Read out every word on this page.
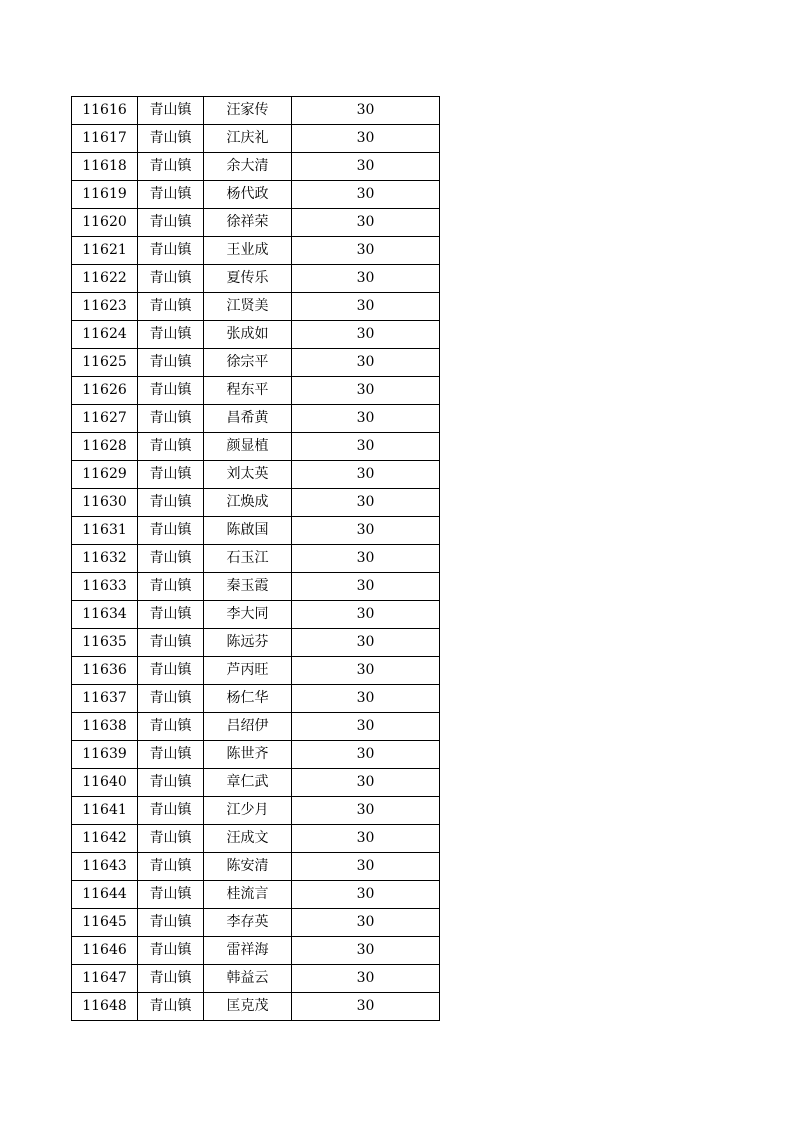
11616	青山镇	汪家传	30
11617	青山镇	江庆礼	30
11618	青山镇	余大清	30
11619	青山镇	杨代政	30
11620	青山镇	徐祥荣	30
11621	青山镇	王业成	30
11622	青山镇	夏传乐	30
11623	青山镇	江贤美	30
11624	青山镇	张成如	30
11625	青山镇	徐宗平	30
11626	青山镇	程东平	30
11627	青山镇	昌希黄	30
11628	青山镇	颜显植	30
11629	青山镇	刘太英	30
11630	青山镇	江焕成	30
11631	青山镇	陈啟国	30
11632	青山镇	石玉江	30
11633	青山镇	秦玉霞	30
11634	青山镇	李大同	30
11635	青山镇	陈远芬	30
11636	青山镇	芦丙旺	30
11637	青山镇	杨仁华	30
11638	青山镇	吕绍伊	30
11639	青山镇	陈世齐	30
11640	青山镇	章仁武	30
11641	青山镇	江少月	30
11642	青山镇	汪成文	30
11643	青山镇	陈安清	30
11644	青山镇	桂流言	30
11645	青山镇	李存英	30
11646	青山镇	雷祥海	30
11647	青山镇	韩益云	30
11648	青山镇	匡克茂	30
